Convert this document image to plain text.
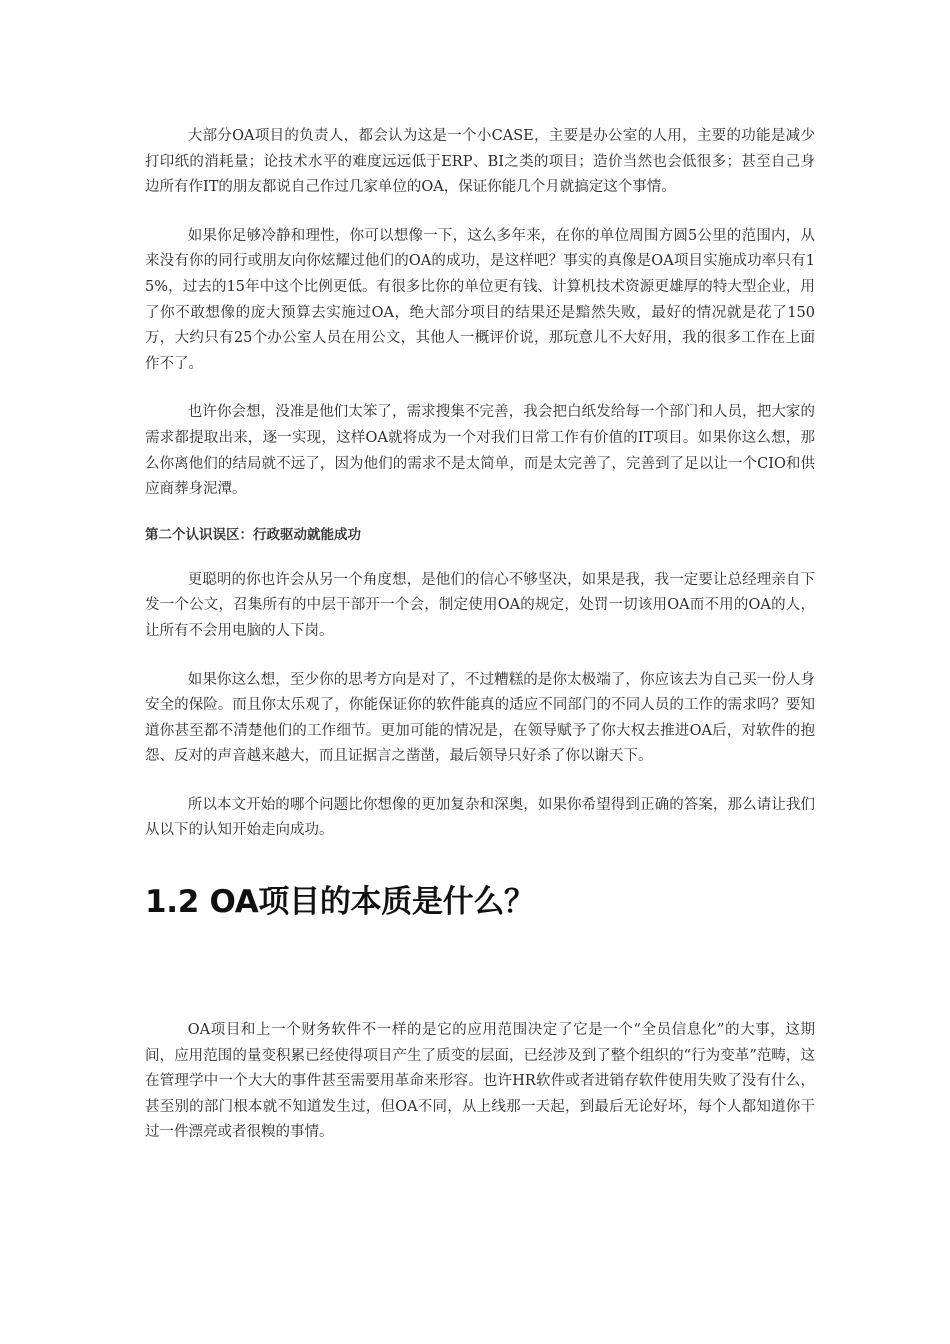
大部分OA项目的负责人，都会认为这是一个小CASE，主要是办公室的人用，主要的功能是减少打印纸的消耗量；论技术水平的难度远远低于ERP、BI之类的项目；造价当然也会低很多；甚至自己身边所有作IT的朋友都说自己作过几家单位的OA，保证你能几个月就搞定这个事情。

如果你足够冷静和理性，你可以想像一下，这么多年来，在你的单位周围方圆5公里的范围内，从来没有你的同行或朋友向你炫耀过他们的OA的成功，是这样吧？事实的真像是OA项目实施成功率只有15%，过去的15年中这个比例更低。有很多比你的单位更有钱、计算机技术资源更雄厚的特大型企业，用了你不敢想像的庞大预算去实施过OA，绝大部分项目的结果还是黯然失败，最好的情况就是花了150万，大约只有25个办公室人员在用公文，其他人一概评价说，那玩意儿不大好用，我的很多工作在上面作不了。

也许你会想，没准是他们太笨了，需求搜集不完善，我会把白纸发给每一个部门和人员，把大家的需求都提取出来，逐一实现，这样OA就将成为一个对我们日常工作有价值的IT项目。如果你这么想，那么你离他们的结局就不远了，因为他们的需求不是太简单，而是太完善了，完善到了足以让一个CIO和供应商葬身泥潭。

第二个认识误区：行政驱动就能成功

更聪明的你也许会从另一个角度想，是他们的信心不够坚决，如果是我，我一定要让总经理亲自下发一个公文，召集所有的中层干部开一个会，制定使用OA的规定，处罚一切该用OA而不用的OA的人，让所有不会用电脑的人下岗。

如果你这么想，至少你的思考方向是对了，不过糟糕的是你太极端了，你应该去为自己买一份人身安全的保险。而且你太乐观了，你能保证你的软件能真的适应不同部门的不同人员的工作的需求吗？要知道你甚至都不清楚他们的工作细节。更加可能的情况是，在领导赋予了你大权去推进OA后，对软件的抱怨、反对的声音越来越大，而且证据言之凿凿，最后领导只好杀了你以谢天下。

所以本文开始的哪个问题比你想像的更加复杂和深奥，如果你希望得到正确的答案，那么请让我们从以下的认知开始走向成功。

1.2 OA项目的本质是什么？

OA项目和上一个财务软件不一样的是它的应用范围决定了它是一个“全员信息化”的大事，这期间，应用范围的量变积累已经使得项目产生了质变的层面，已经涉及到了整个组织的“行为变革”范畴，这在管理学中一个大大的事件甚至需要用革命来形容。也许HR软件或者进销存软件使用失败了没有什么，甚至别的部门根本就不知道发生过，但OA不同，从上线那一天起，到最后无论好坏，每个人都知道你干过一件漂亮或者很糗的事情。
